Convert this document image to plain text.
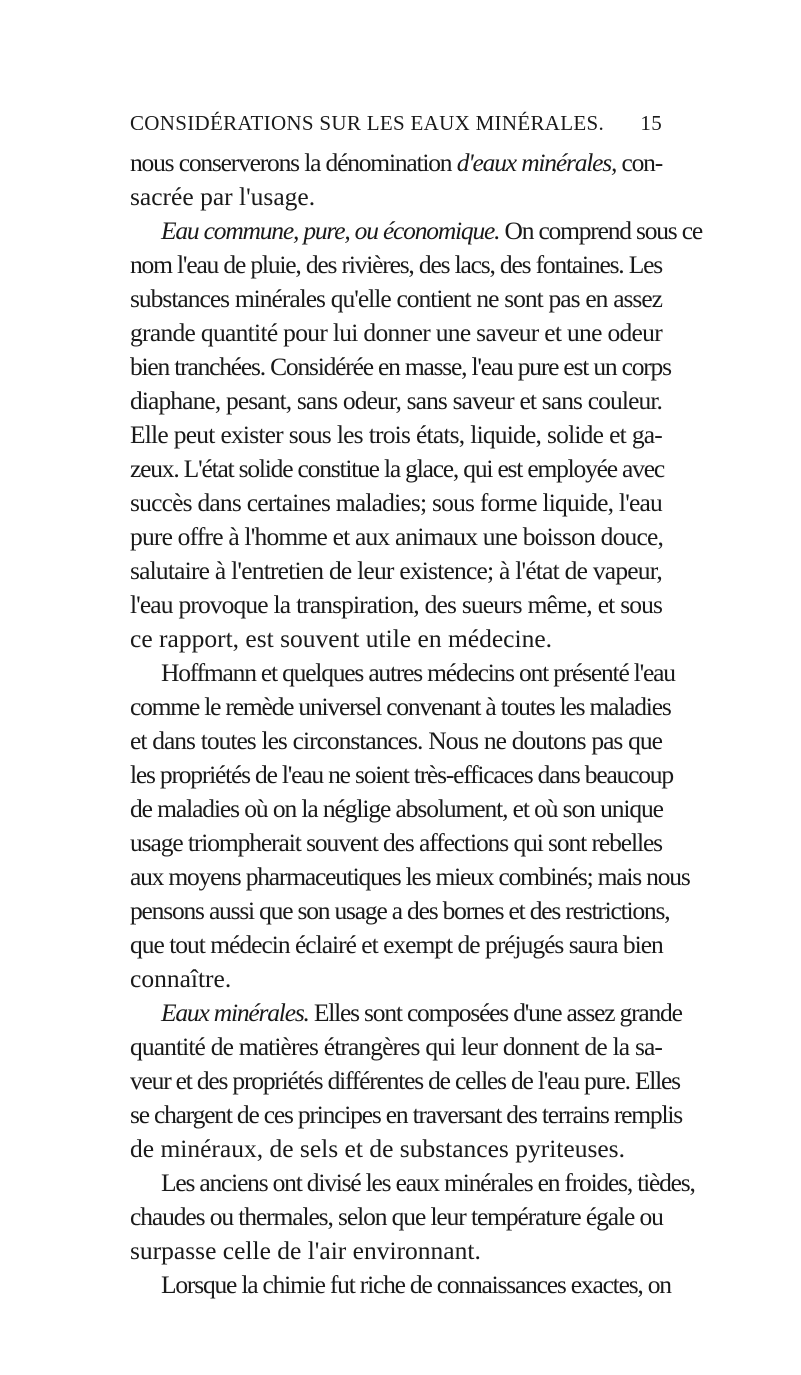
CONSIDÉRATIONS SUR LES EAUX MINÉRALES. 15
nous conserverons la dénomination d'eaux minérales, con-
sacrée par l'usage.
Eau commune, pure, ou économique. On comprend sous ce
nom l'eau de pluie, des rivières, des lacs, des fontaines. Les
substances minérales qu'elle contient ne sont pas en assez
grande quantité pour lui donner une saveur et une odeur
bien tranchées. Considérée en masse, l'eau pure est un corps
diaphane, pesant, sans odeur, sans saveur et sans couleur.
Elle peut exister sous les trois états, liquide, solide et ga-
zeux. L'état solide constitue la glace, qui est employée avec
succès dans certaines maladies; sous forme liquide, l'eau
pure offre à l'homme et aux animaux une boisson douce,
salutaire à l'entretien de leur existence; à l'état de vapeur,
l'eau provoque la transpiration, des sueurs même, et sous
ce rapport, est souvent utile en médecine.
Hoffmann et quelques autres médecins ont présenté l'eau
comme le remède universel convenant à toutes les maladies
et dans toutes les circonstances. Nous ne doutons pas que
les propriétés de l'eau ne soient très-efficaces dans beaucoup
de maladies où on la néglige absolument, et où son unique
usage triompherait souvent des affections qui sont rebelles
aux moyens pharmaceutiques les mieux combinés; mais nous
pensons aussi que son usage a des bornes et des restrictions,
que tout médecin éclairé et exempt de préjugés saura bien
connaître.
Eaux minérales. Elles sont composées d'une assez grande
quantité de matières étrangères qui leur donnent de la sa-
veur et des propriétés différentes de celles de l'eau pure. Elles
se chargent de ces principes en traversant des terrains remplis
de minéraux, de sels et de substances pyriteuses.
Les anciens ont divisé les eaux minérales en froides, tièdes,
chaudes ou thermales, selon que leur température égale ou
surpasse celle de l'air environnant.
Lorsque la chimie fut riche de connaissances exactes, on
